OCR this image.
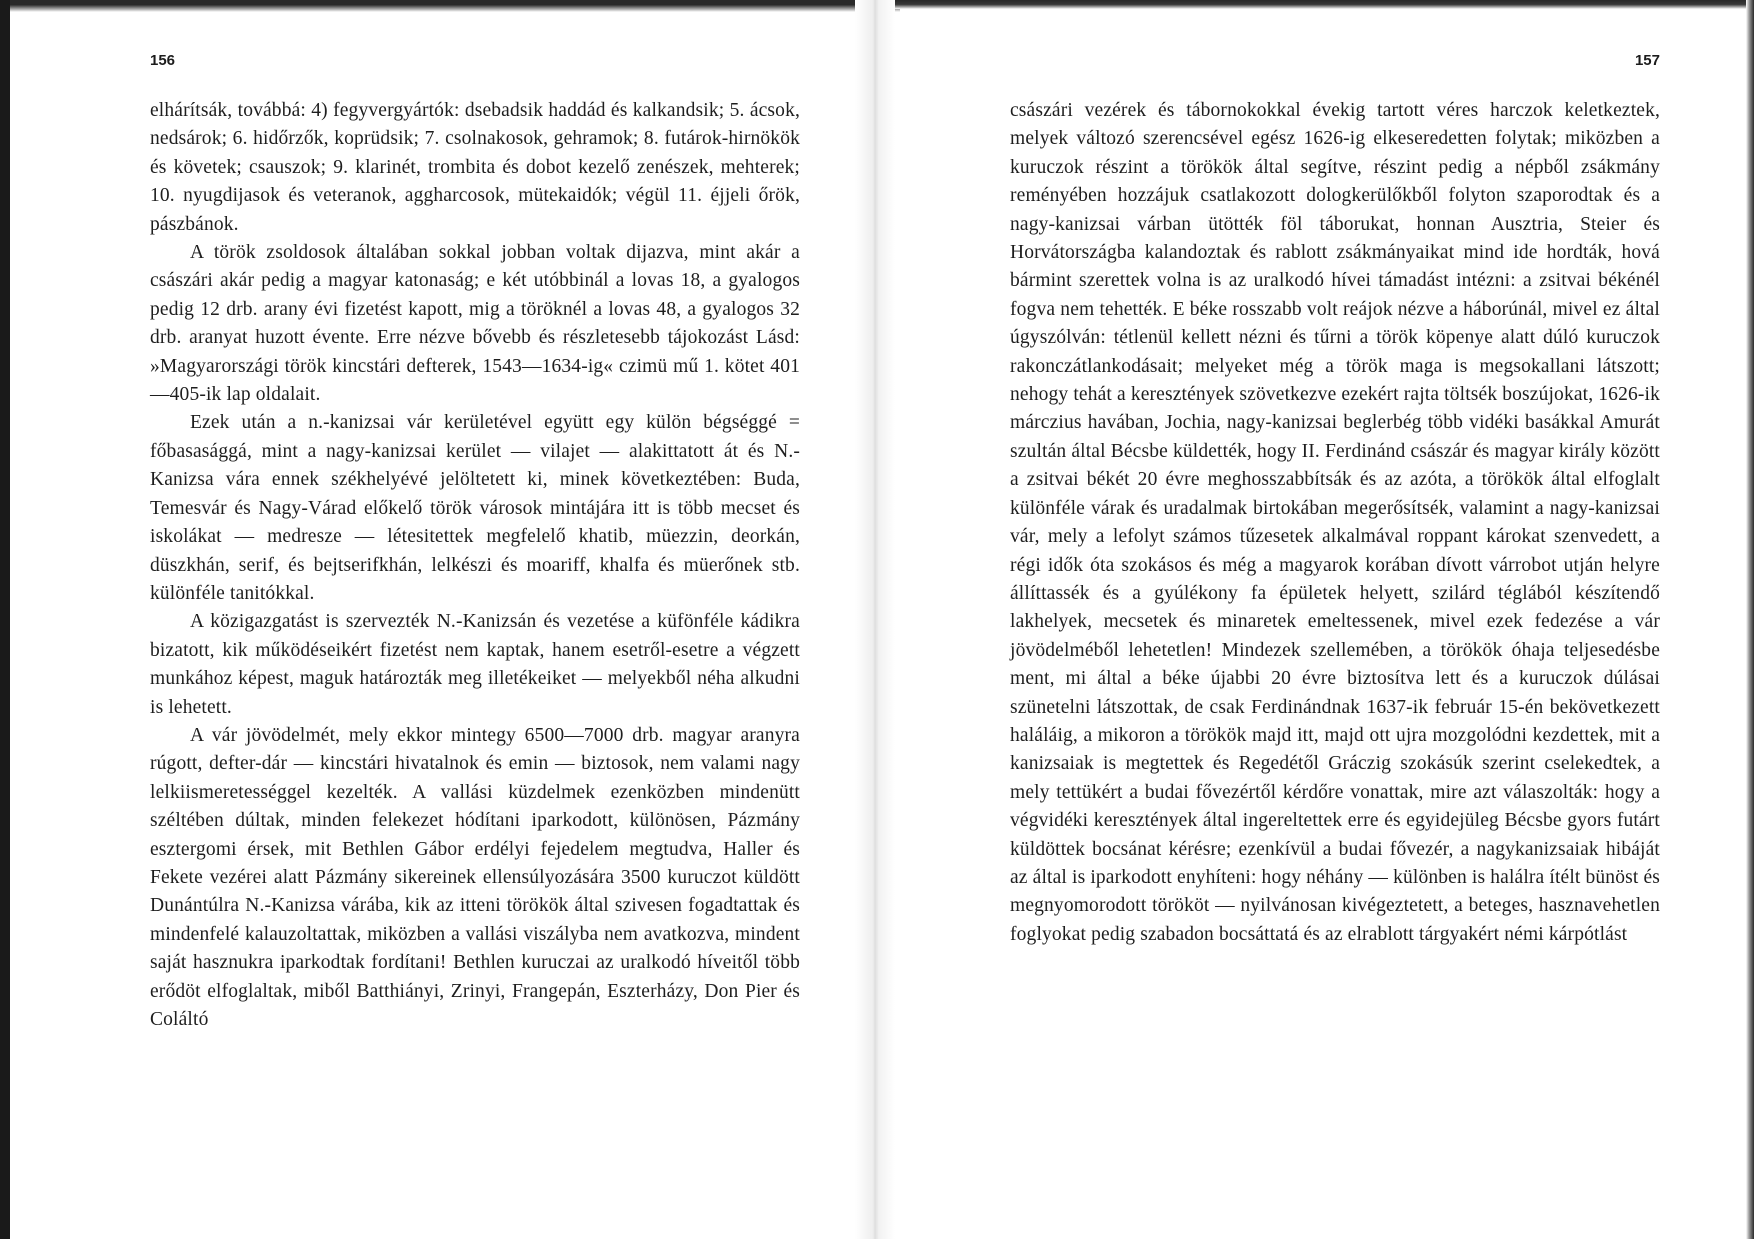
156

elhárítsák, továbbá: 4) fegyvergyártók: dsebadsik haddád és kalkandsik; 5. ácsok, nedsárok; 6. hidőrzők, koprüdsik; 7. csolnakosok, gehramok; 8. futárok-hirnökök és követek; csauszok; 9. klarinét, trombita és dobot kezelő zenészek, mehterek; 10. nyugdijasok és veteranok, aggharcosok, mütekaidók; végül 11. éjjeli őrök, pászbánok.

A török zsoldosok általában sokkal jobban voltak dijazva, mint akár a császári akár pedig a magyar katonaság; e két utóbbinál a lovas 18, a gyalogos pedig 12 drb. arany évi fizetést kapott, mig a töröknél a lovas 48, a gyalogos 32 drb. aranyat huzott évente. Erre nézve bővebb és részletesebb tájokozást Lásd: »Magyarországi török kincstári defterek, 1543—1634-ig« czimü mű 1. kötet 401—405-ik lap oldalait.

Ezek után a n.-kanizsai vár kerületével együtt egy külön bégséggé = főbasasággá, mint a nagy-kanizsai kerület — vilajet — alakittatott át és N.-Kanizsa vára ennek székhelyévé jelöltetett ki, minek következtében: Buda, Temesvár és Nagy-Várad előkelő török városok mintájára itt is több mecset és iskolákat — medresze — létesitettek megfelelő khatib, müezzin, deorkán, düszkhán, serif, és bejtserifkhán, lelkészi és moariff, khalfa és müerőnek stb. különféle tanitókkal.

A közigazgatást is szervezték N.-Kanizsán és vezetése a küfönféle kádikra bizatott, kik működéseikért fizetést nem kaptak, hanem esetről-esetre a végzett munkához képest, maguk határozták meg illetékeiket — melyekből néha alkudni is lehetett.

A vár jövödelmét, mely ekkor mintegy 6500—7000 drb. magyar aranyra rúgott, defter-dár — kincstári hivatalnok és emin — biztosok, nem valami nagy lelkiismeretességgel kezelték. A vallási küzdelmek ezenközben mindenütt széltében dúltak, minden felekezet hódítani iparkodott, különösen, Pázmány esztergomi érsek, mit Bethlen Gábor erdélyi fejedelem megtudva, Haller és Fekete vezérei alatt Pázmány sikereinek ellensúlyozására 3500 kuruczot küldött Dunántúlra N.-Kanizsa várába, kik az itteni törökök által szivesen fogadtattak és mindenfelé kalauzoltattak, miközben a vallási viszályba nem avatkozva, mindent saját hasznukra iparkodtak fordítani! Bethlen kuruczai az uralkodó híveitől több erődöt elfoglaltak, miből Batthiányi, Zrinyi, Frangepán, Eszterházy, Don Pier és Coláltó

157

császári vezérek és tábornokokkal évekig tartott véres harczok keletkeztek, melyek változó szerencsével egész 1626-ig elkeseredetten folytak; miközben a kuruczok részint a törökök által segítve, részint pedig a népből zsákmány reményében hozzájuk csatlakozott dologkerülőkből folyton szaporodtak és a nagy-kanizsai várban ütötték föl táborukat, honnan Ausztria, Steier és Horvátországba kalandoztak és rablott zsákmányaikat mind ide hordták, hová bármint szerettek volna is az uralkodó hívei támadást intézni: a zsitvai békénél fogva nem tehették. E béke rosszabb volt reájok nézve a háborúnál, mivel ez által úgyszólván: tétlenül kellett nézni és tűrni a török köpenye alatt dúló kuruczok rakonczátlankodásait; melyeket még a török maga is megsokallani látszott; nehogy tehát a keresztények szövetkezve ezekért rajta töltsék boszújokat, 1626-ik márczius havában, Jochia, nagy-kanizsai beglerbég több vidéki basákkal Amurát szultán által Bécsbe küldették, hogy II. Ferdinánd császár és magyar király között a zsitvai békét 20 évre meghosszabbítsák és az azóta, a törökök által elfoglalt különféle várak és uradalmak birtokában megerősítsék, valamint a nagy-kanizsai vár, mely a lefolyt számos tűzesetek alkalmával roppant károkat szenvedett, a régi idők óta szokásos és még a magyarok korában dívott várrobot utján helyre állíttassék és a gyúlékony fa épületek helyett, szilárd téglából készítendő lakhelyek, mecsetek és minaretek emeltessenek, mivel ezek fedezése a vár jövödelméből lehetetlen! Mindezek szellemében, a törökök óhaja teljesedésbe ment, mi által a béke újabbi 20 évre biztosítva lett és a kuruczok dúlásai szünetelni látszottak, de csak Ferdinándnak 1637-ik február 15-én bekövetkezett haláláig, a mikoron a törökök majd itt, majd ott ujra mozgolódni kezdettek, mit a kanizsaiak is megtettek és Regedétől Gráczig szokásúk szerint cselekedtek, a mely tettükért a budai fővezértől kérdőre vonattak, mire azt válaszolták: hogy a végvidéki keresztények által ingereltettek erre és egyidejüleg Bécsbe gyors futárt küldöttek bocsánat kérésre; ezenkívül a budai fővezér, a nagykanizsaiak hibáját az által is iparkodott enyhíteni: hogy néhány — különben is halálra ítélt bünöst és megnyomorodott törököt — nyilvánosan kivégeztetett, a beteges, hasznavehetlen foglyokat pedig szabadon bocsáttatá és az elrablott tárgyakért némi kárpótlást
